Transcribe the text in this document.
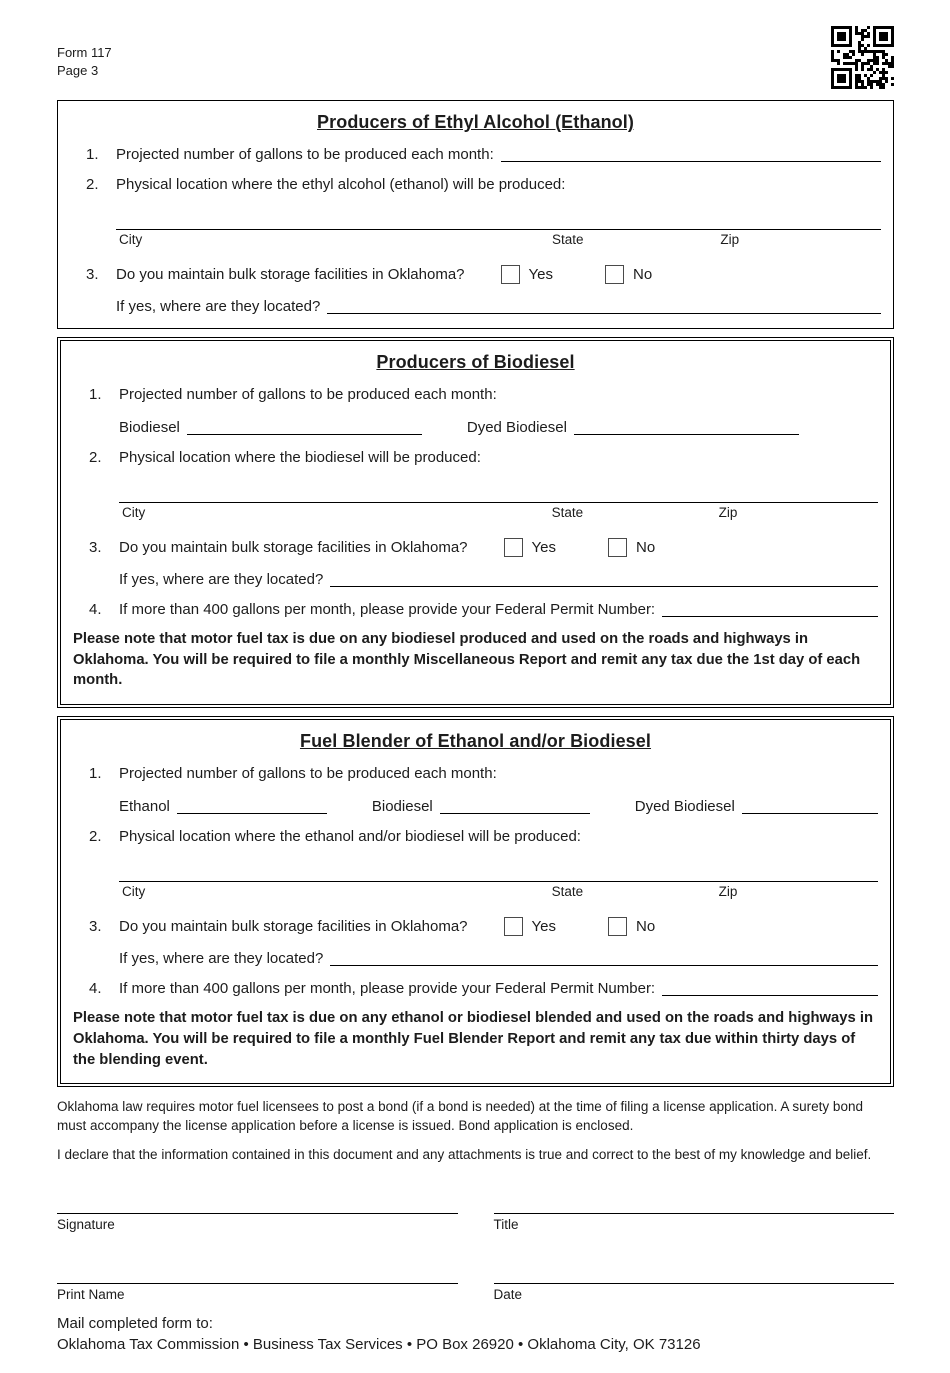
Form 117
Page 3
Producers of Ethyl Alcohol (Ethanol)
1.	Projected number of gallons to be produced each month:
2.	Physical location where the ethyl alcohol (ethanol) will be produced:
City	State	Zip
3.	Do you maintain bulk storage facilities in Oklahoma?	Yes	No
If yes, where are they located?
Producers of Biodiesel
1.	Projected number of gallons to be produced each month:
Biodiesel	Dyed Biodiesel
2.	Physical location where the biodiesel will be produced:
City	State	Zip
3.	Do you maintain bulk storage facilities in Oklahoma?	Yes	No
If yes, where are they located?
4.	If more than 400 gallons per month, please provide your Federal Permit Number:

Please note that motor fuel tax is due on any biodiesel produced and used on the roads and highways in Oklahoma. You will be required to file a monthly Miscellaneous Report and remit any tax due the 1st day of each month.

Fuel Blender of Ethanol and/or Biodiesel
1.	Projected number of gallons to be produced each month:
Ethanol	Biodiesel	Dyed Biodiesel
2.	Physical location where the ethanol and/or biodiesel will be produced:
City	State	Zip
3.	Do you maintain bulk storage facilities in Oklahoma?	Yes	No
If yes, where are they located?
4.	If more than 400 gallons per month, please provide your Federal Permit Number:

Please note that motor fuel tax is due on any ethanol or biodiesel blended and used on the roads and highways in Oklahoma. You will be required to file a monthly Fuel Blender Report and remit any tax due within thirty days of the blending event.

Oklahoma law requires motor fuel licensees to post a bond (if a bond is needed) at the time of filing a license application. A surety bond must accompany the license application before a license is issued. Bond application is enclosed.

I declare that the information contained in this document and any attachments is true and correct to the best of my knowledge and belief.

Signature	Title
Print Name	Date

Mail completed form to:

Oklahoma Tax Commission • Business Tax Services • PO Box 26920 • Oklahoma City, OK 73126
